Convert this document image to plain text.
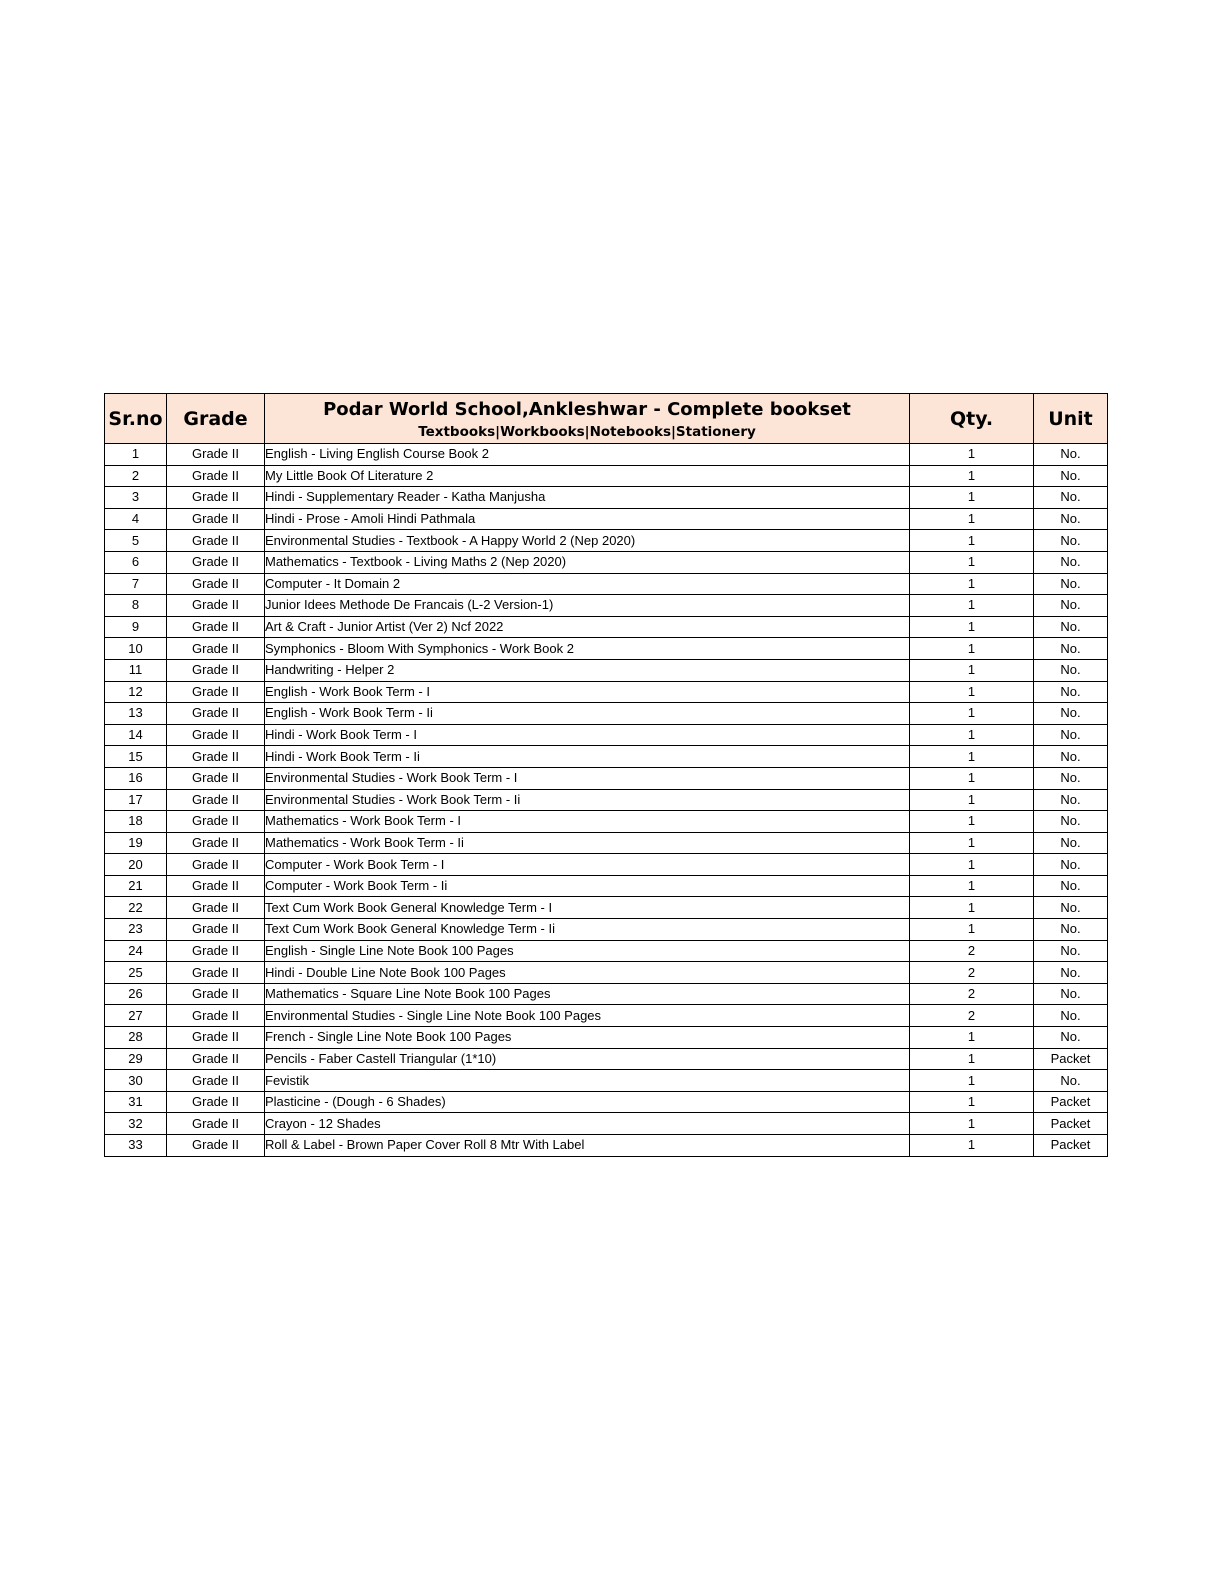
Sr.no	Grade	Podar World School,Ankleshwar - Complete bookset
Textbooks|Workbooks|Notebooks|Stationery	Qty.	Unit
1	Grade II	English - Living English Course Book 2	1	No.
2	Grade II	My Little Book Of Literature 2	1	No.
3	Grade II	Hindi - Supplementary Reader - Katha Manjusha	1	No.
4	Grade II	Hindi - Prose - Amoli Hindi Pathmala	1	No.
5	Grade II	Environmental Studies - Textbook - A Happy World 2 (Nep 2020)	1	No.
6	Grade II	Mathematics - Textbook - Living Maths 2 (Nep 2020)	1	No.
7	Grade II	Computer - It Domain 2	1	No.
8	Grade II	Junior Idees Methode De Francais (L-2 Version-1)	1	No.
9	Grade II	Art & Craft - Junior Artist (Ver 2) Ncf 2022	1	No.
10	Grade II	Symphonics - Bloom With Symphonics - Work Book 2	1	No.
11	Grade II	Handwriting - Helper 2	1	No.
12	Grade II	English - Work Book Term - I	1	No.
13	Grade II	English - Work Book Term - Ii	1	No.
14	Grade II	Hindi - Work Book Term - I	1	No.
15	Grade II	Hindi - Work Book Term - Ii	1	No.
16	Grade II	Environmental Studies - Work Book Term - I	1	No.
17	Grade II	Environmental Studies - Work Book Term - Ii	1	No.
18	Grade II	Mathematics - Work Book Term - I	1	No.
19	Grade II	Mathematics - Work Book Term - Ii	1	No.
20	Grade II	Computer - Work Book Term - I	1	No.
21	Grade II	Computer - Work Book Term - Ii	1	No.
22	Grade II	Text Cum Work Book General Knowledge Term - I	1	No.
23	Grade II	Text Cum Work Book General Knowledge Term - Ii	1	No.
24	Grade II	English - Single Line Note Book 100 Pages	2	No.
25	Grade II	Hindi - Double Line Note Book 100 Pages	2	No.
26	Grade II	Mathematics - Square Line Note Book 100 Pages	2	No.
27	Grade II	Environmental Studies - Single Line Note Book 100 Pages	2	No.
28	Grade II	French - Single Line Note Book 100 Pages	1	No.
29	Grade II	Pencils - Faber Castell Triangular (1*10)	1	Packet
30	Grade II	Fevistik	1	No.
31	Grade II	Plasticine - (Dough - 6 Shades)	1	Packet
32	Grade II	Crayon - 12 Shades	1	Packet
33	Grade II	Roll & Label - Brown Paper Cover Roll 8 Mtr With Label	1	Packet
